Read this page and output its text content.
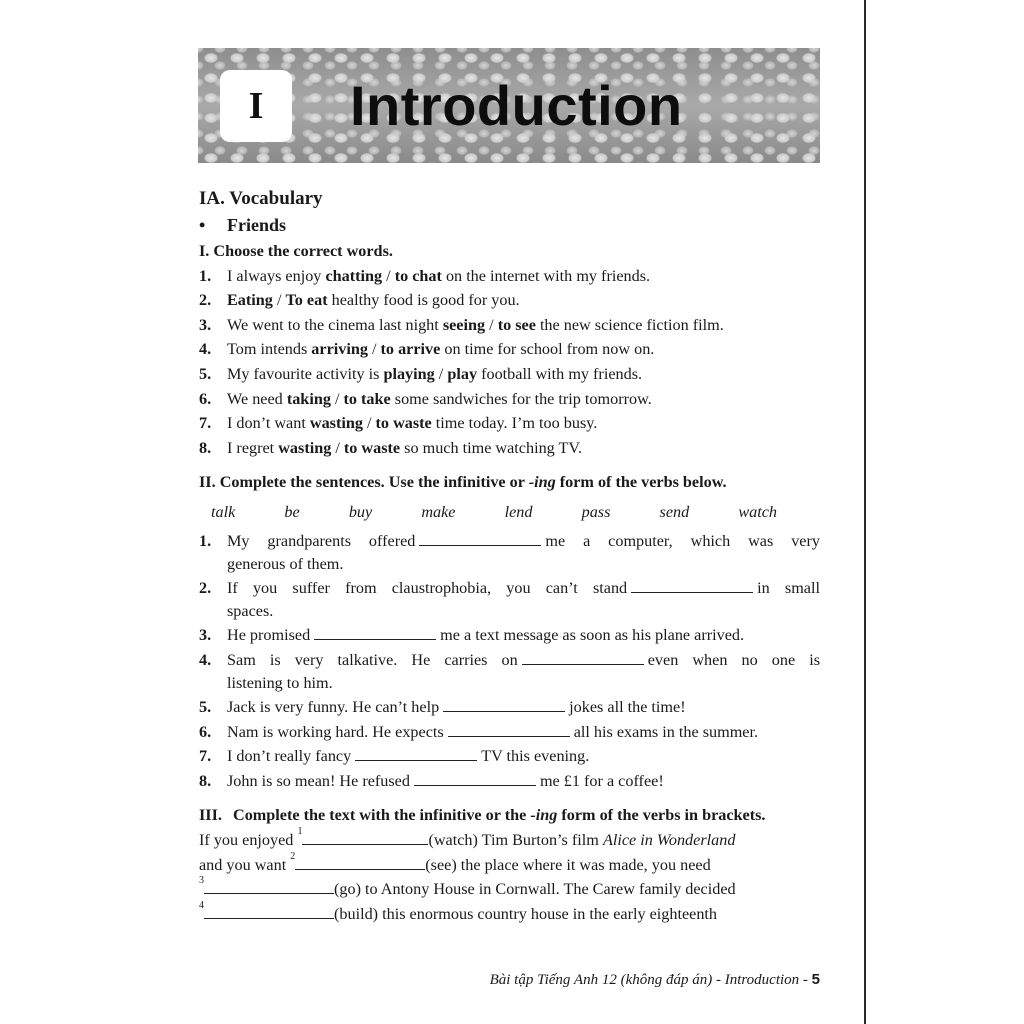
I	Introduction
IA. Vocabulary
•	Friends
I. Choose the correct words.
1. I always enjoy chatting / to chat on the internet with my friends.
2. Eating / To eat healthy food is good for you.
3. We went to the cinema last night seeing / to see the new science fiction film.
4. Tom intends arriving / to arrive on time for school from now on.
5. My favourite activity is playing / play football with my friends.
6. We need taking / to take some sandwiches for the trip tomorrow.
7. I don’t want wasting / to waste time today. I’m too busy.
8. I regret wasting / to waste so much time watching TV.
II. Complete the sentences. Use the infinitive or -ing form of the verbs below.
talk	be	buy	make	lend	pass	send	watch
1. My grandparents offered	me a computer, which was very
generous of them.
2. If you suffer from claustrophobia, you can’t stand	in small
spaces.
3. He promised	me a text message as soon as his plane arrived.
4. Sam is very talkative. He carries on	even when no one is
listening to him.
5. Jack is very funny. He can’t help	jokes all the time!
6. Nam is working hard. He expects	all his exams in the summer.
7. I don’t really fancy	TV this evening.
8. John is so mean! He refused	me £1 for a coffee!
III. Complete the text with the infinitive or the -ing form of the verbs in brackets.
If you enjoyed $^1$	(watch) Tim Burton’s film Alice in Wonderland
and you want $^2$	(see) the place where it was made, you need
$^3$	(go) to Antony House in Cornwall. The Carew family decided
$^4$	(build) this enormous country house in the early eighteenth
Bài tập Tiếng Anh 12 (không đáp án) - Introduction - 5
